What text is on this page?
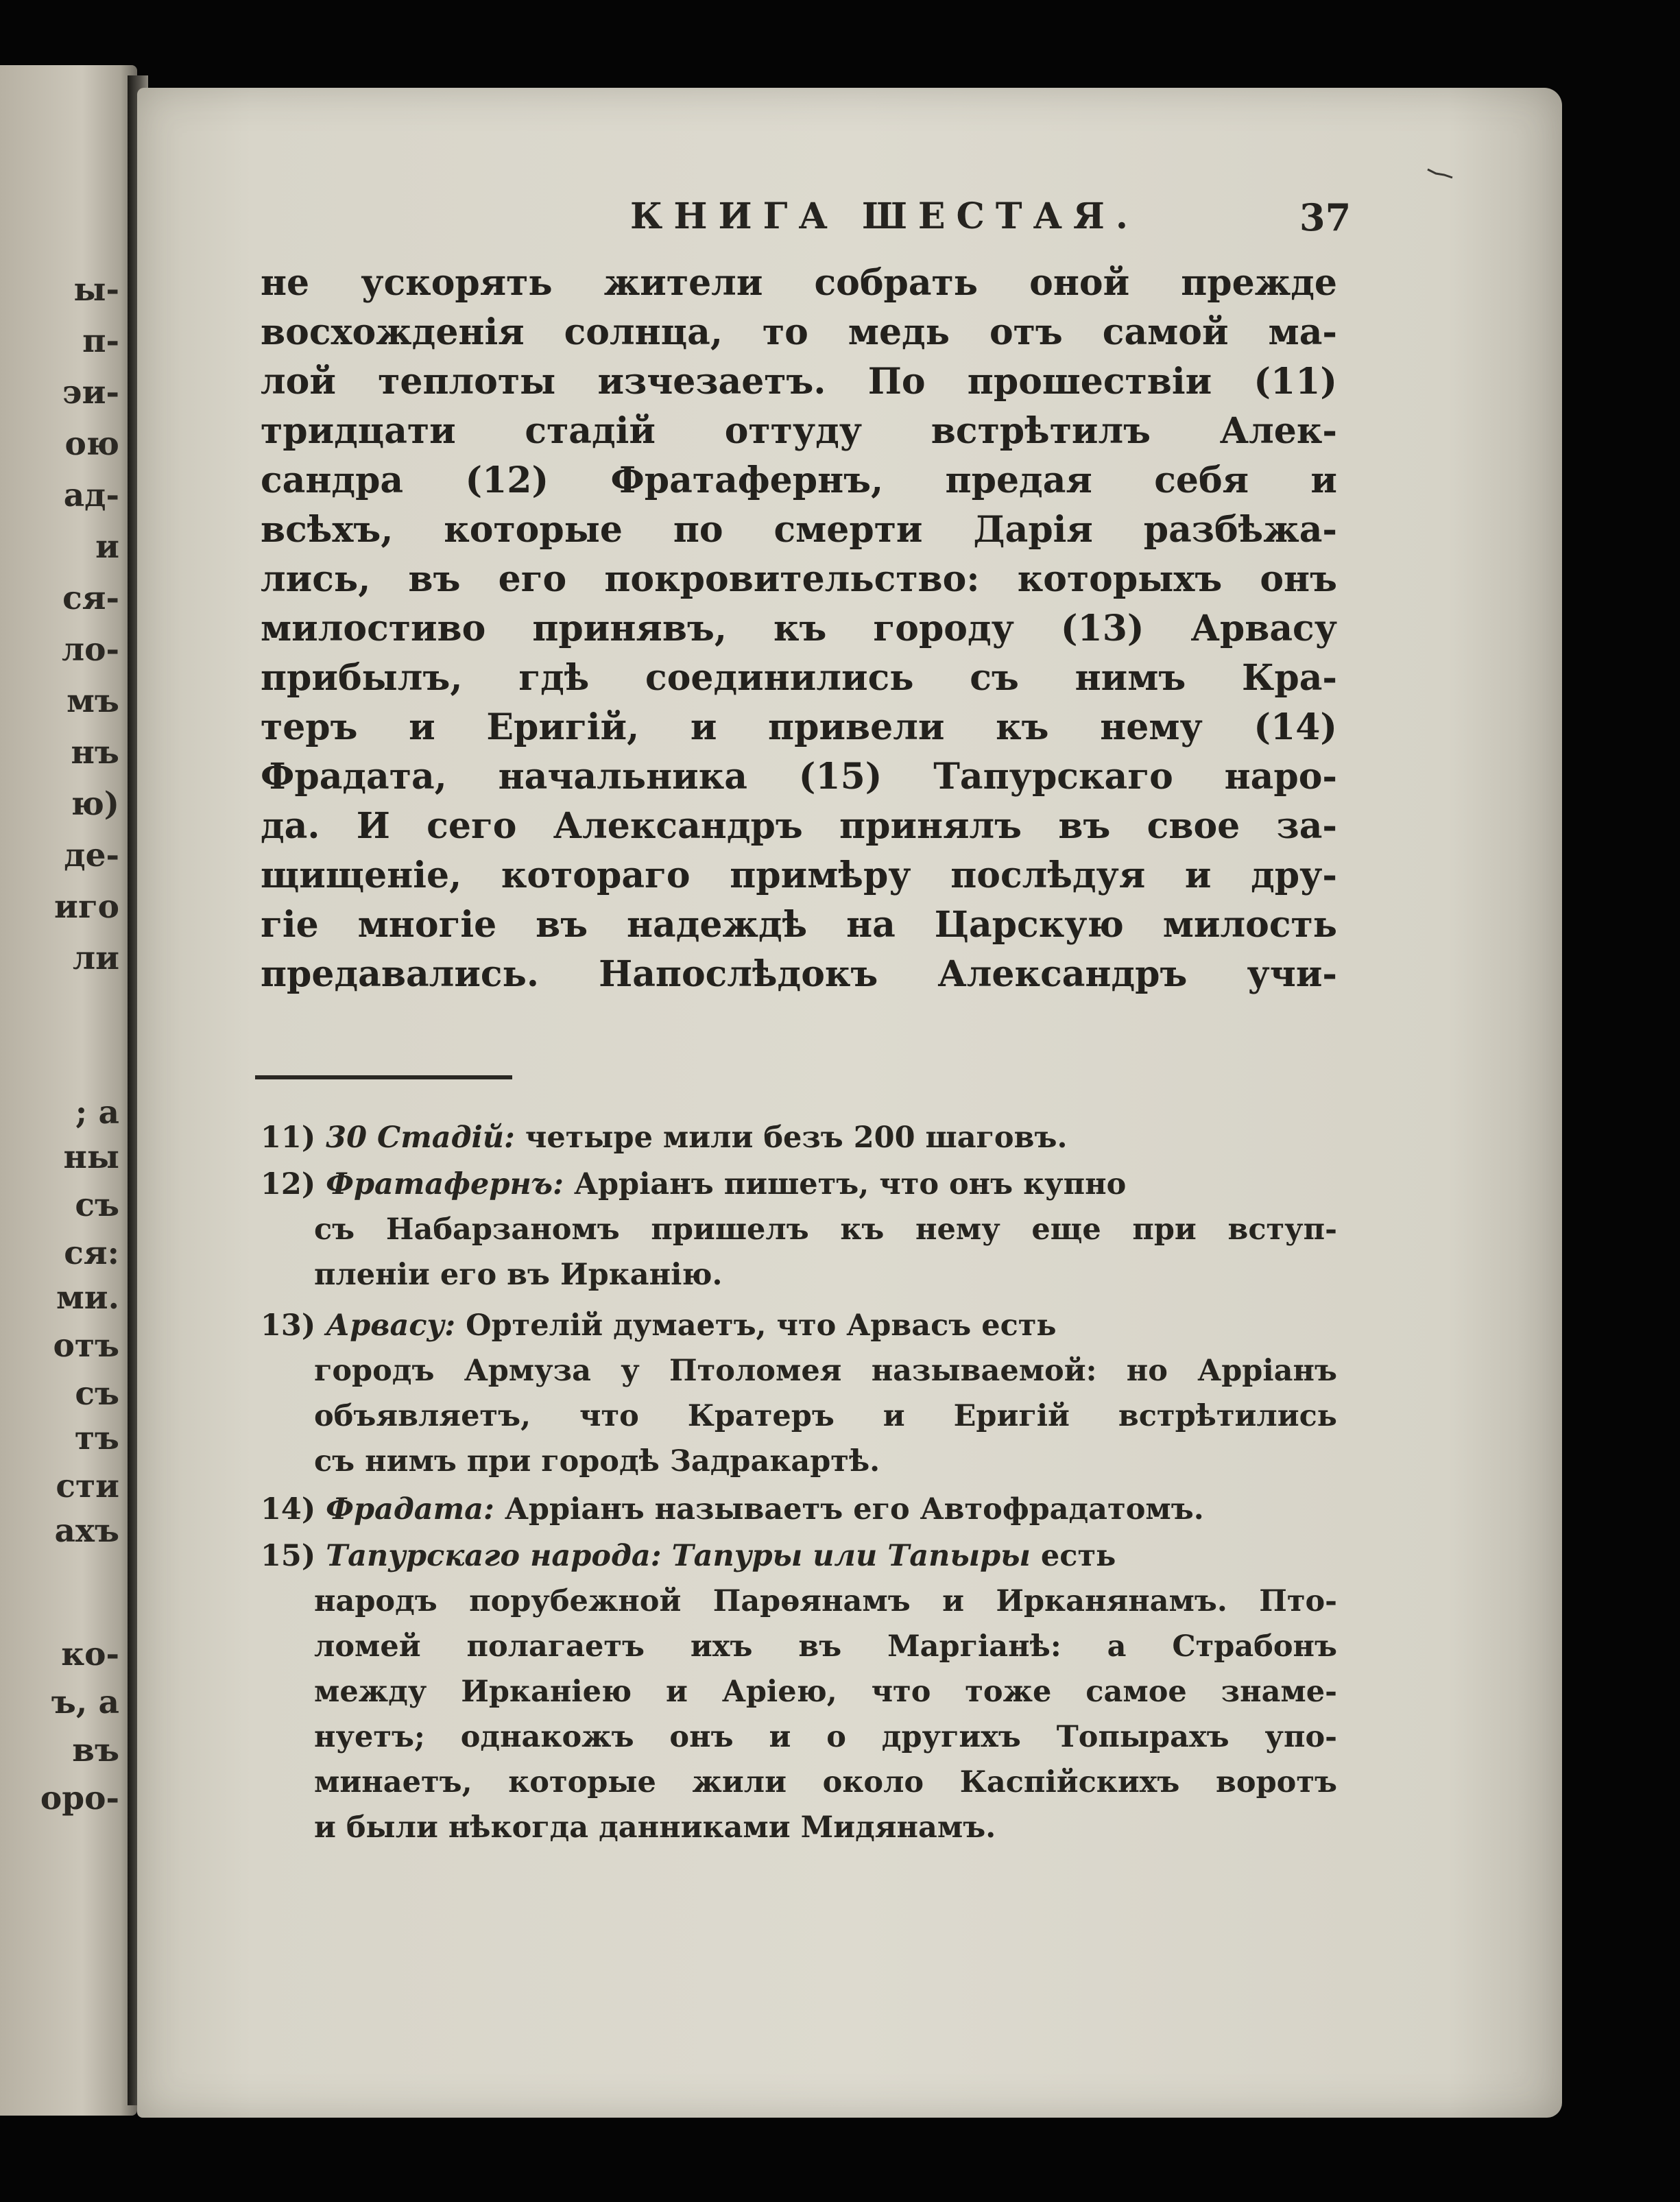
ы-
п-
эи-
ою
ад-
и
ся-
ло-
мъ
нъ
ю)
де-
иго
ли
; а
ны
съ
ся:
ми.
отъ
съ
тъ
сти
ахъ
ко-
ъ, а
въ
оро-
КНИГА ШЕСТАЯ.	37
не ускорять жители собрать оной прежде
восхожденія солнца, то медь отъ самой ма-
лой теплоты изчезаетъ. По прошествіи (11)
тридцати стадій оттуду встрѣтилъ Алек-
сандра (12) Фратафернъ, предая себя и
всѣхъ, которые по смерти Дарія разбѣжа-
лись, въ его покровительство: которыхъ онъ
милостиво принявъ, къ городу (13) Арвасу
прибылъ, гдѣ соединились съ нимъ Кра-
теръ и Еригій, и привели къ нему (14)
Фрадата, начальника (15) Тапурскаго наро-
да. И сего Александръ принялъ въ свое за-
щищеніе, котораго примѣру послѣдуя и дру-
гіе многіе въ надеждѣ на Царскую милость
предавались. Напослѣдокъ Александръ учи-
11) 30 Стадій: четыре мили безъ 200 шаговъ.
12) Фратафернъ: Арріанъ пишетъ, что онъ купно
съ Набарзаномъ пришелъ къ нему еще при вступ-
пленіи его въ Ирканію.
13) Арвасу: Ортелій думаетъ, что Арвасъ есть
городъ Армуза у Птоломея называемой: но Арріанъ
объявляетъ, что Кратеръ и Еригій встрѣтились
съ нимъ при городѣ Задракартѣ.
14) Фрадата: Арріанъ называетъ его Автофрадатомъ.
15) Тапурскаго народа: Тапуры или Тапыры есть
народъ порубежной Парѳянамъ и Ирканянамъ. Пто-
ломей полагаетъ ихъ въ Маргіанѣ: а Страбонъ
между Ирканіею и Аріею, что тоже самое знаме-
нуетъ; однакожъ онъ и о другихъ Топырахъ упо-
минаетъ, которые жили около Каспійскихъ воротъ
и были нѣкогда данниками Мидянамъ.
